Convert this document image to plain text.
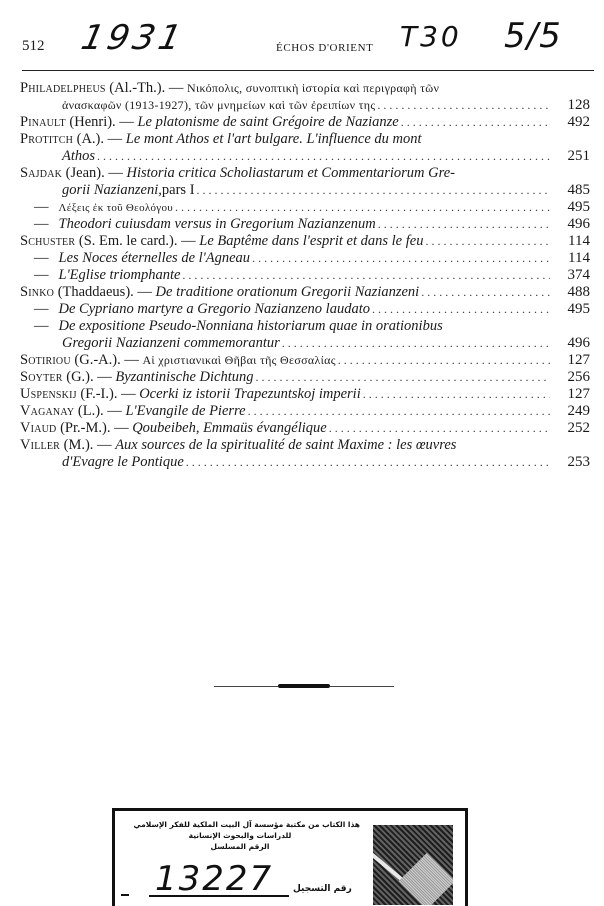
512 1931	ÉCHOS D'ORIENT T30 5/5
Philadelpheus
(Al.-Th.). —
Νικόπολις, συνοπτικὴ ἱστορία καὶ περιγραφὴ τῶν
ἀνασκαφῶν (1913-1927), τῶν μνημείων καὶ τῶν ἐρειπίων της .....	128
Pinault
(Henri). —
Le platonisme de saint Grégoire de Nazianze .....	492
Protitch
(A.). —
Le mont Athos et l'art bulgare. L'influence du mont
Athos .....	251
Sajdak
(Jean). —
Historia critica Scholiastarum et Commentariorum Gre-
gorii Nazianzeni, pars I .....	485
— Λέξεις ἐκ τοῦ Θεολόγου .....	495
— Theodori cuiusdam versus in Gregorium Nazianzenum .....	496
Schuster
(S. Em. le card.). —
Le Baptême dans l'esprit et dans le feu .....	114
— Les Noces éternelles de l'Agneau .....	114
— L'Eglise triomphante .....	374
Sinko
(Thaddaeus). —
De traditione orationum Gregorii Nazianzeni .....	488
— De Cypriano martyre a Gregorio Nazianzeno laudato .....	495
— De expositione Pseudo-Nonniana historiarum quae in orationibus
Gregorii Nazianzeni commemorantur .....	496
Sotiriou
(G.-A.). —
Αἱ χριστιανικαὶ Θῆβαι τῆς Θεσσαλίας .....	127
Soyter
(G.). —
Byzantinische Dichtung .....	256
Uspenskij
(F.-I.). —
Ocerki iz istorii Trapezuntskoj imperii .....	127
Vaganay
(L.). —
L'Evangile de Pierre .....	249
Viaud
(Pr.-M.). —
Qoubeibeh, Emmaüs évangélique .....	252
Viller
(M.). —
Aux sources de la spiritualité de saint Maxime : les œuvres
d'Evagre le Pontique .....	253
هذا الكتاب من مكتبة مؤسسة آل البيت الملكية للفكر الإسلامي
للدراسات والبحوث الإنسانية
الرقم المسلسل
13227 رقم التسجيل
